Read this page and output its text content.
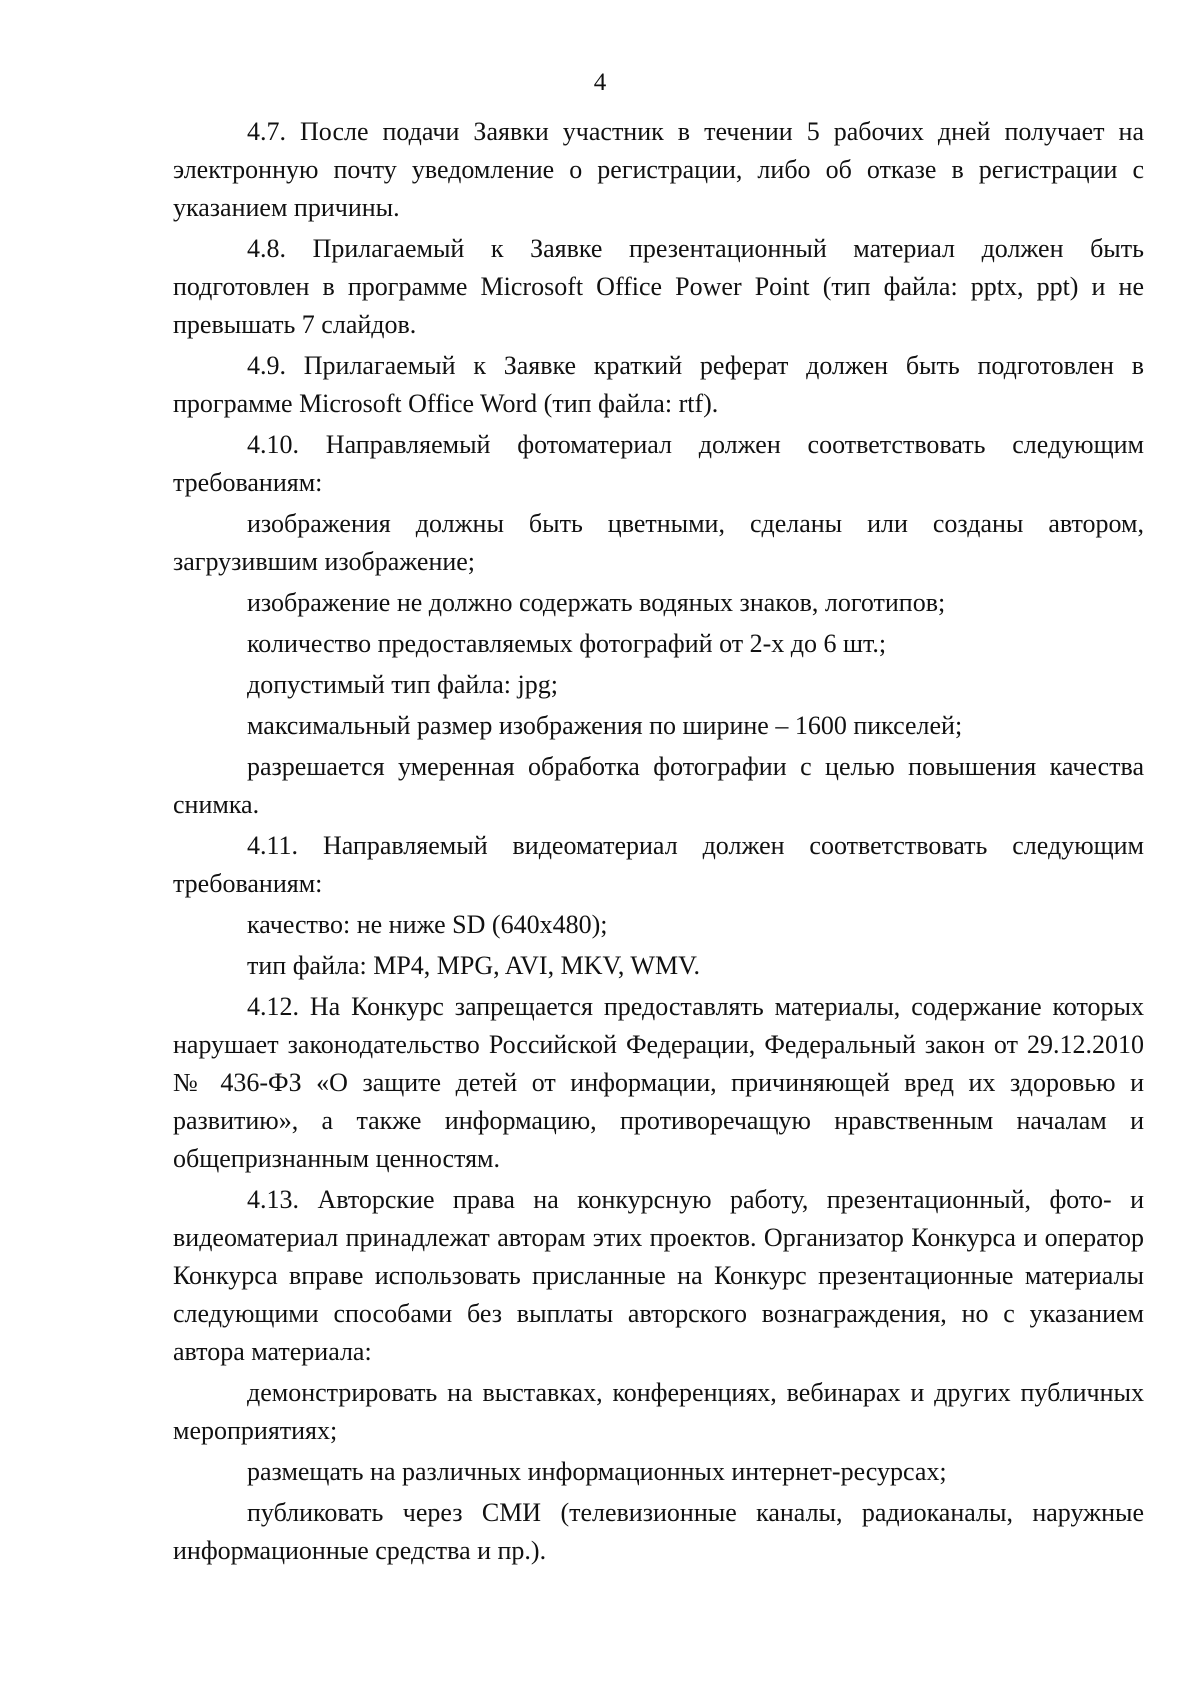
4

4.7. После подачи Заявки участник в течении 5 рабочих дней получает на электронную почту уведомление о регистрации, либо об отказе в регистрации с указанием причины.

4.8. Прилагаемый к Заявке презентационный материал должен быть подготовлен в программе Microsoft Office Power Point (тип файла: pptx, ppt) и не превышать 7 слайдов.

4.9. Прилагаемый к Заявке краткий реферат должен быть подготовлен в программе Microsoft Office Word (тип файла: rtf).

4.10. Направляемый фотоматериал должен соответствовать следующим требованиям:

изображения должны быть цветными, сделаны или созданы автором, загрузившим изображение;

изображение не должно содержать водяных знаков, логотипов;

количество предоставляемых фотографий от 2-х до 6 шт.;

допустимый тип файла: jpg;

максимальный размер изображения по ширине – 1600 пикселей;

разрешается умеренная обработка фотографии с целью повышения качества снимка.

4.11. Направляемый видеоматериал должен соответствовать следующим требованиям:

качество: не ниже SD (640x480);

тип файла: MP4, MPG, AVI, MKV, WMV.

4.12. На Конкурс запрещается предоставлять материалы, содержание которых нарушает законодательство Российской Федерации, Федеральный закон от 29.12.2010 № 436-ФЗ «О защите детей от информации, причиняющей вред их здоровью и развитию», а также информацию, противоречащую нравственным началам и общепризнанным ценностям.

4.13. Авторские права на конкурсную работу, презентационный, фото- и видеоматериал принадлежат авторам этих проектов. Организатор Конкурса и оператор Конкурса вправе использовать присланные на Конкурс презентационные материалы следующими способами без выплаты авторского вознаграждения, но с указанием автора материала:

демонстрировать на выставках, конференциях, вебинарах и других публичных мероприятиях;

размещать на различных информационных интернет-ресурсах;

публиковать через СМИ (телевизионные каналы, радиоканалы, наружные информационные средства и пр.).
